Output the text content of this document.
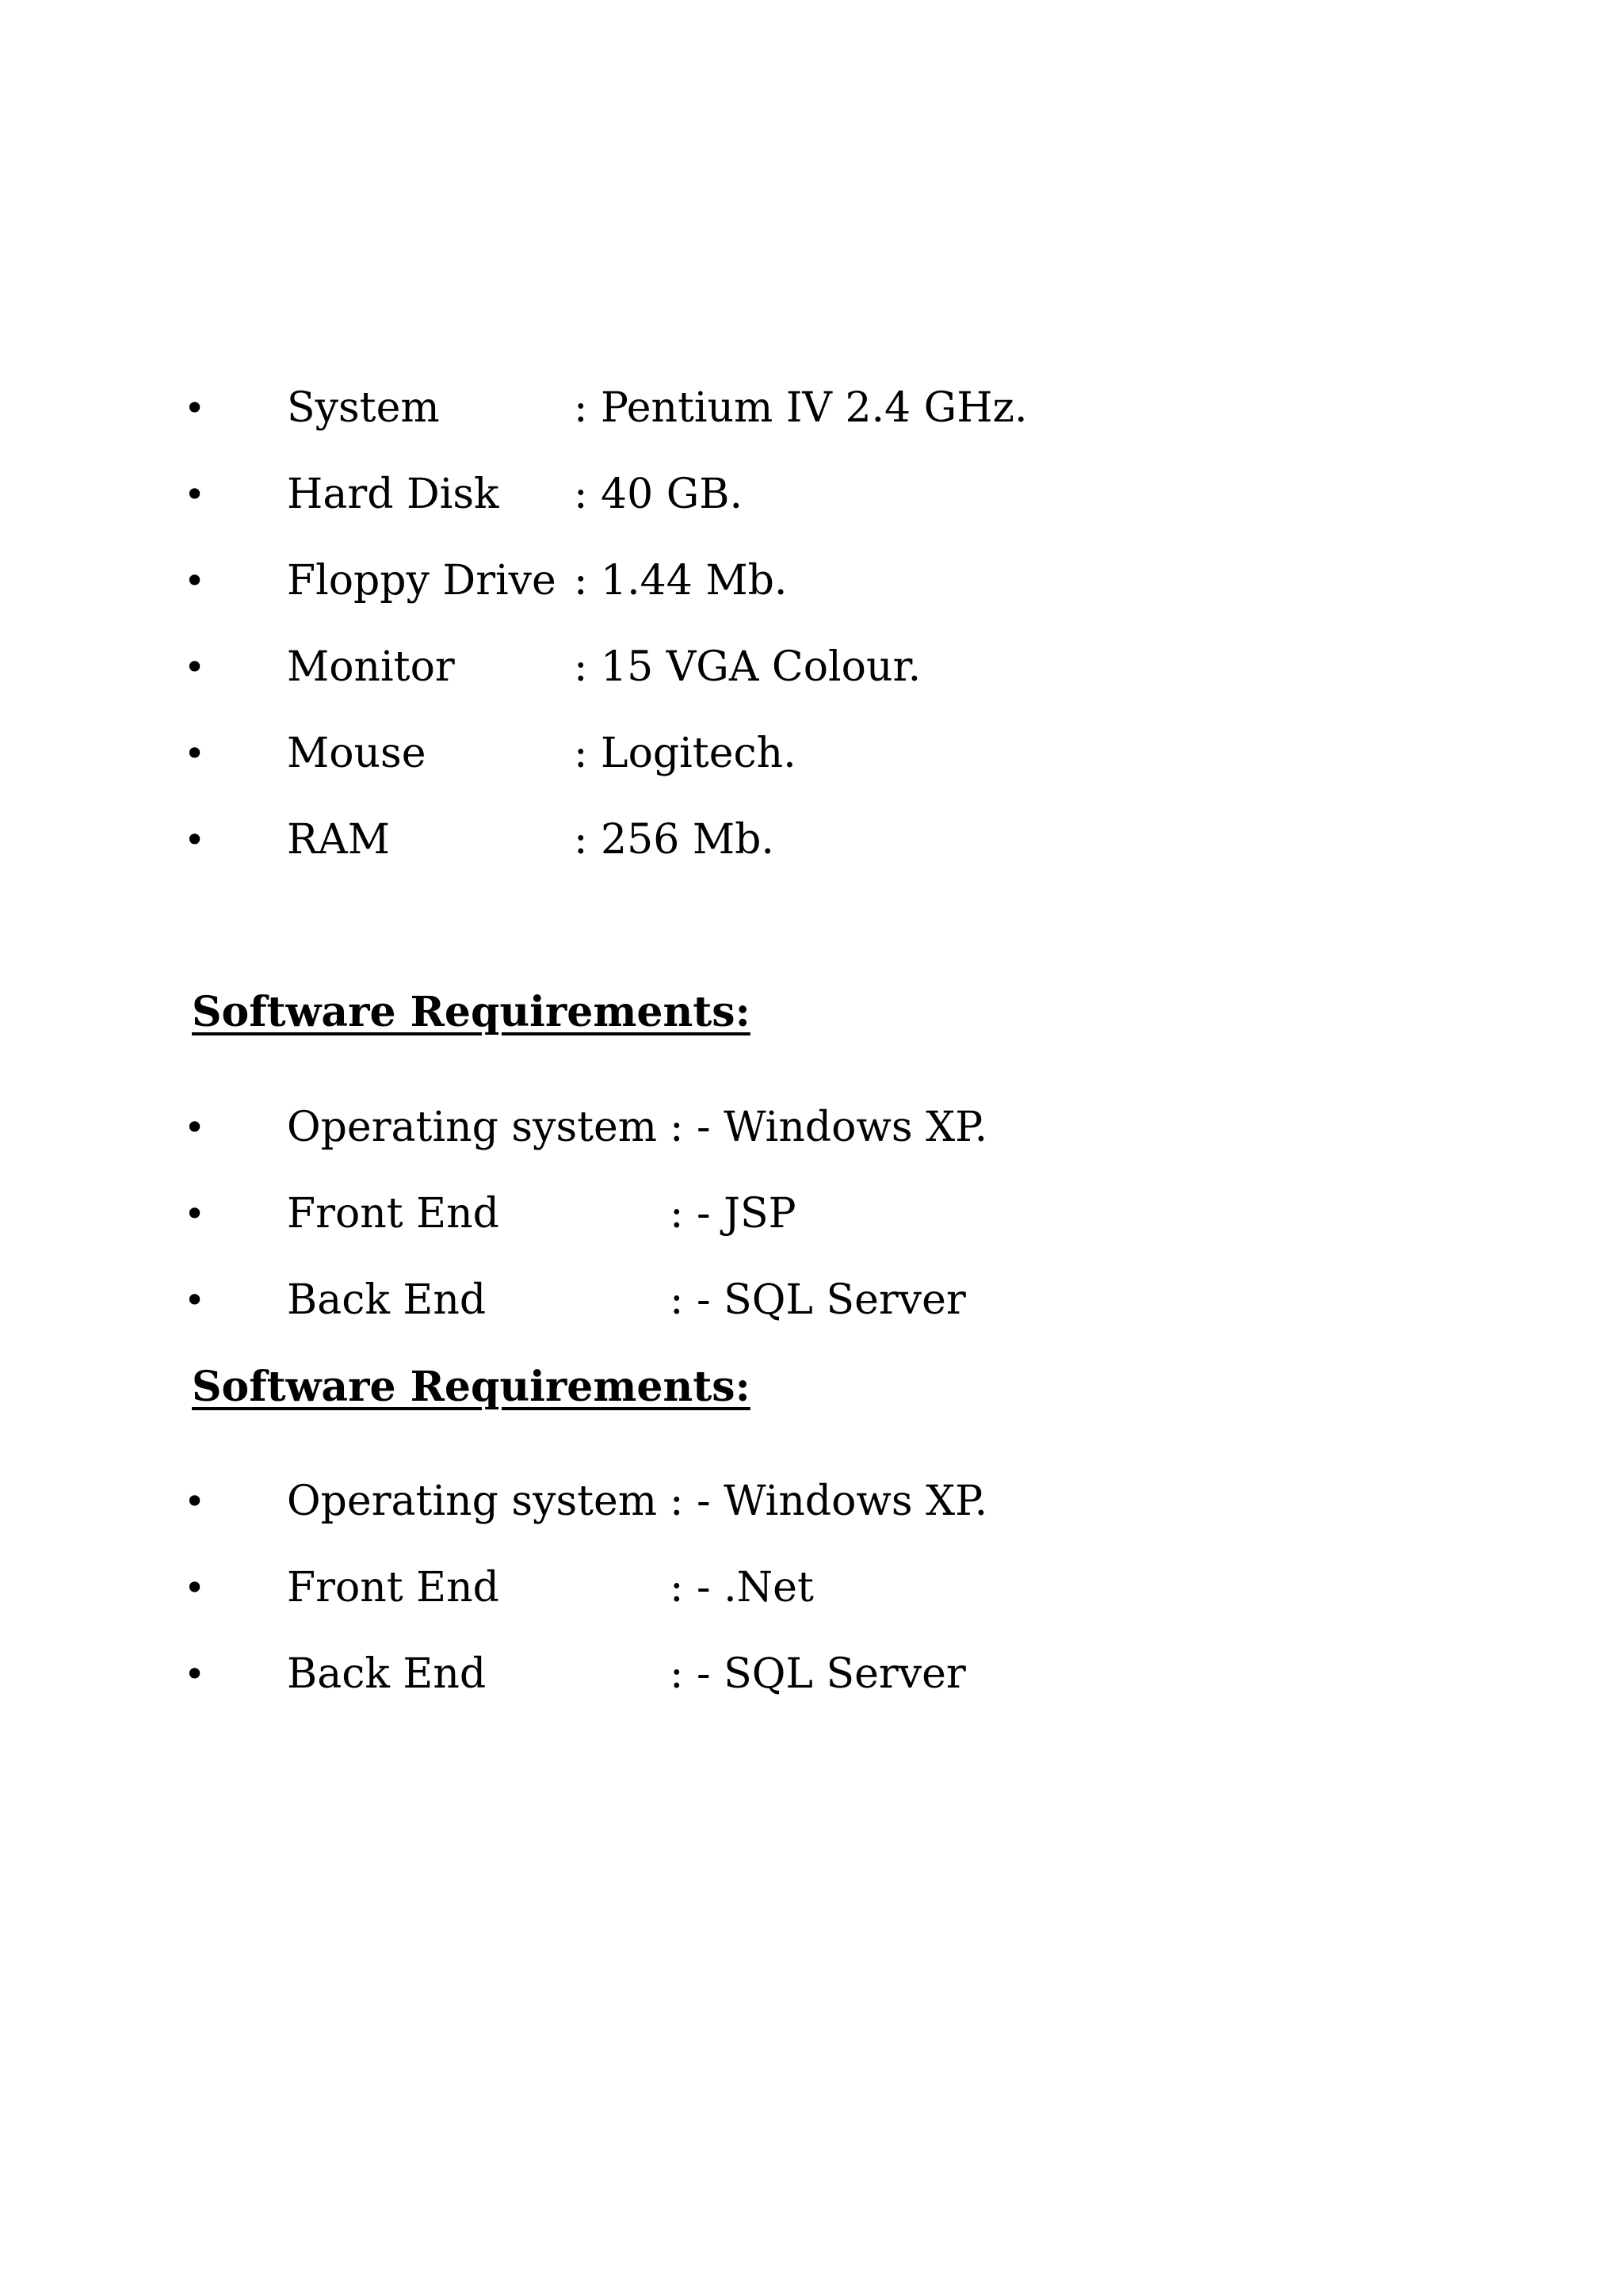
• System	: Pentium IV 2.4 GHz.
• Hard Disk : 40 GB.
• Floppy Drive : 1.44 Mb.
• Monitor	: 15 VGA Colour.
• Mouse	: Logitech.
• RAM	: 256 Mb.
Software Requirements:
• Operating system : - Windows XP.
• Front End	: - JSP
• Back End	: - SQL Server
Software Requirements:
• Operating system : - Windows XP.
• Front End	: - .Net
• Back End	: - SQL Server
